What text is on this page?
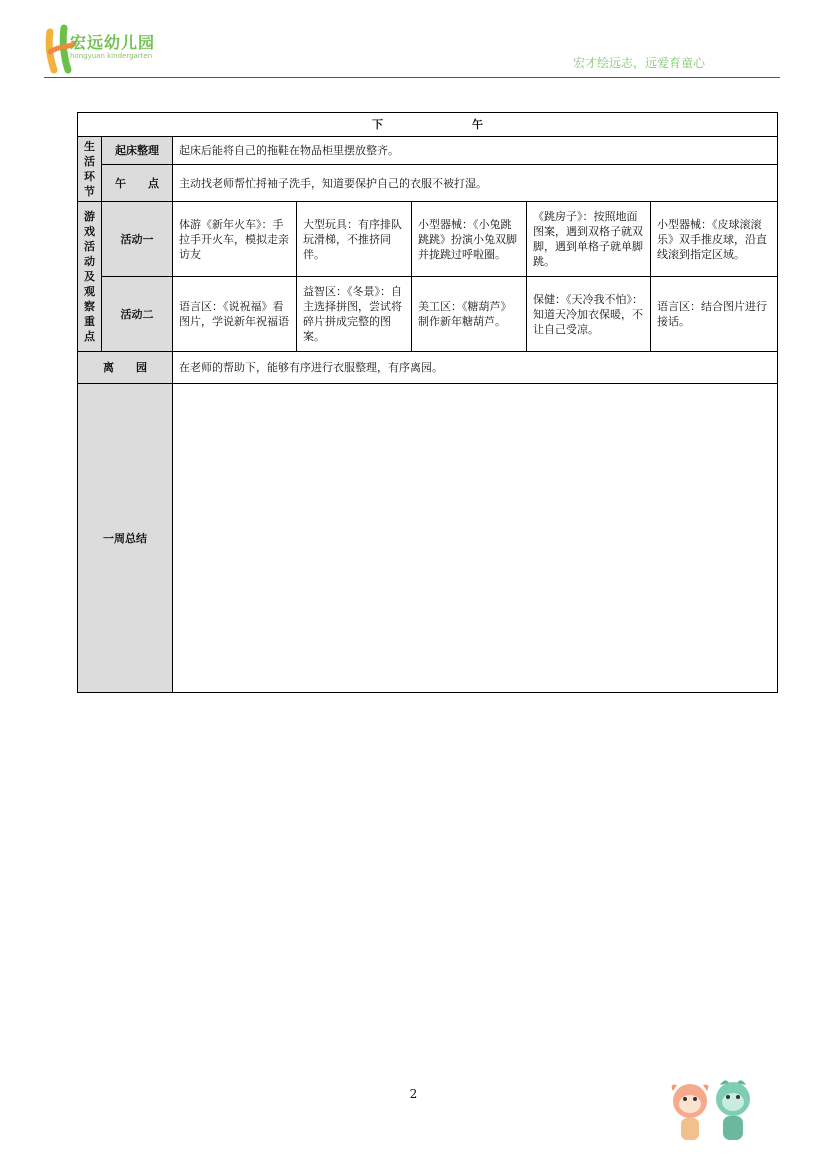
宏远幼儿园
hongyuan kindergarten	宏才绘远志，远爱育童心
下 午						
生活环节	起床整理	起床后能将自己的拖鞋在物品柜里摆放整齐。				
	午　　点	主动找老师帮忙捋袖子洗手，知道要保护自己的衣服不被打湿。				
游戏活动及观察重点	活动一	体游《新年火车》：手拉手开火车，模拟走亲访友	大型玩具：有序排队玩滑梯，不推挤同伴。	小型器械：《小兔跳跳跳》扮演小兔双脚并拢跳过呼啦圈。	《跳房子》：按照地面图案，遇到双格子就双脚，遇到单格子就单脚跳。	小型器械：《皮球滚滚乐》双手推皮球，沿直线滚到指定区域。
	活动二	语言区：《说祝福》看图片，学说新年祝福语	益智区：《冬景》：自主选择拼图，尝试将碎片拼成完整的图案。	美工区：《糖葫芦》制作新年糖葫芦。	保健：《天冷我不怕》：知道天冷加衣保暖，不让自己受凉。	语言区：结合图片进行接话。
离　　园		在老师的帮助下，能够有序进行衣服整理，有序离园。				
一周总结						
2
